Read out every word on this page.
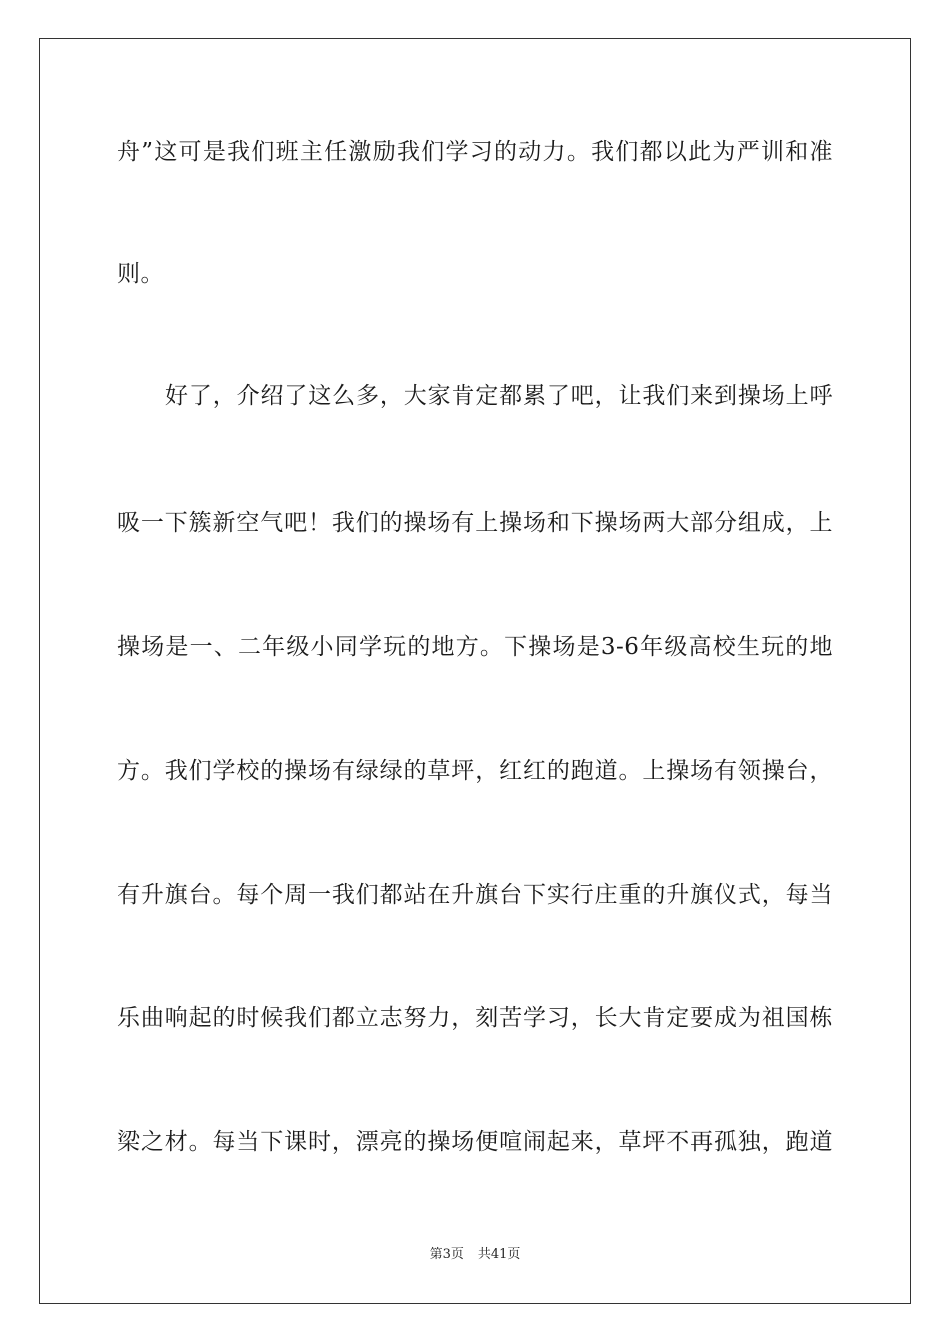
舟”这可是我们班主任激励我们学习的动力。我们都以此为严训和准
则。
好了，介绍了这么多，大家肯定都累了吧，让我们来到操场上呼
吸一下簇新空气吧！我们的操场有上操场和下操场两大部分组成，上
操场是一、二年级小同学玩的地方。下操场是3-6年级高校生玩的地
方。我们学校的操场有绿绿的草坪，红红的跑道。上操场有领操台，
有升旗台。每个周一我们都站在升旗台下实行庄重的升旗仪式，每当
乐曲响起的时候我们都立志努力，刻苦学习，长大肯定要成为祖国栋
梁之材。每当下课时，漂亮的操场便喧闹起来，草坪不再孤独，跑道
第3页 共41页
